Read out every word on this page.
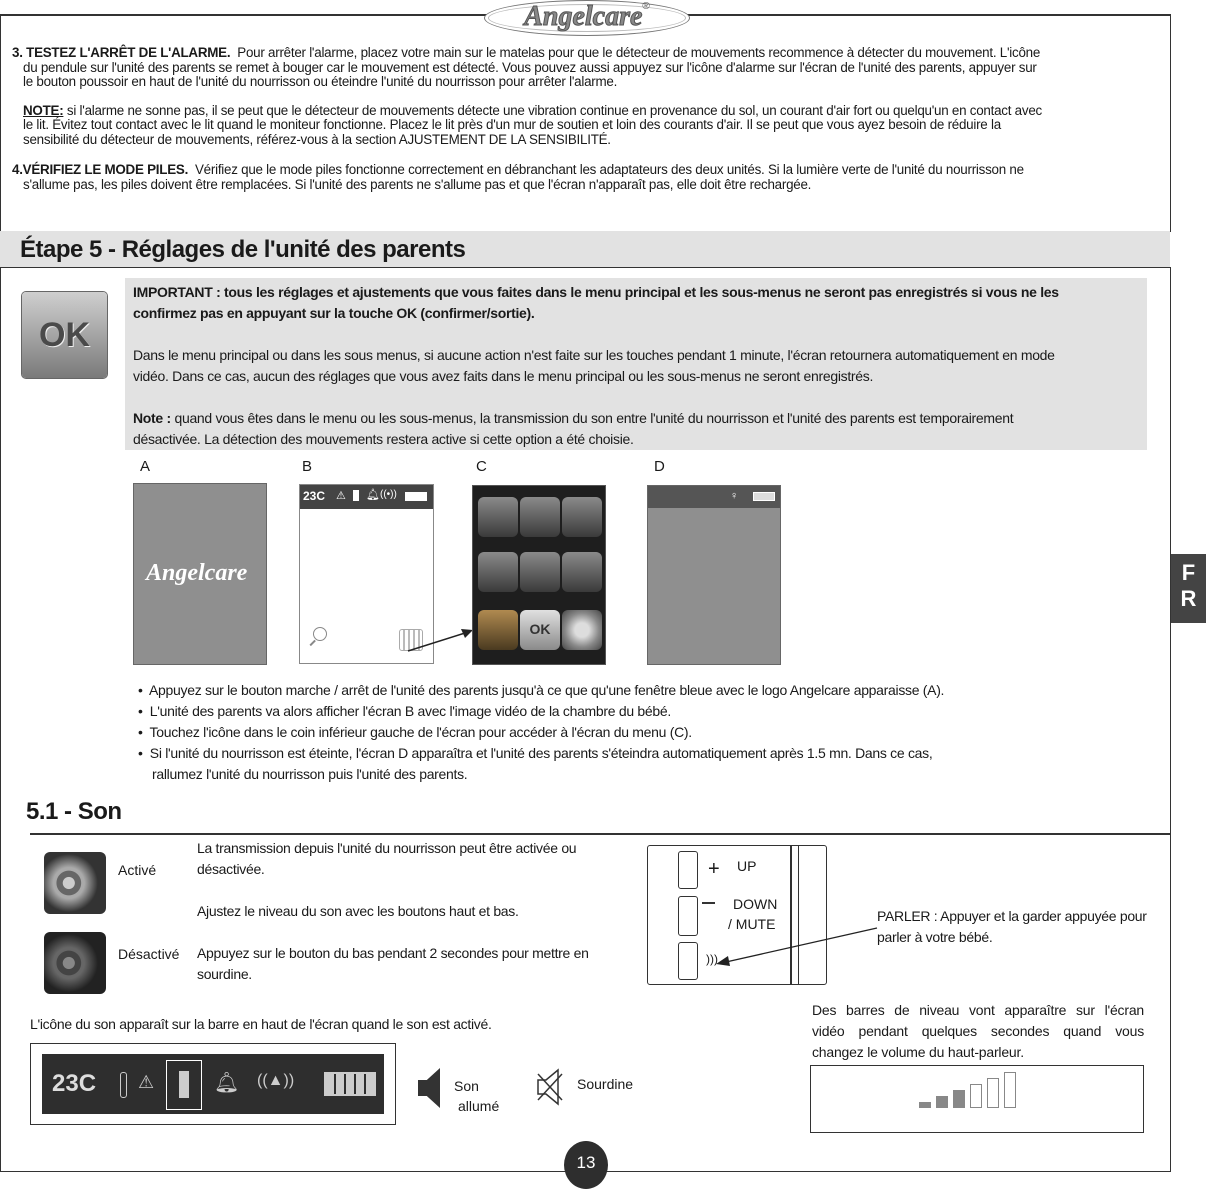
Angelcare®
3. TESTEZ L'ARRÊT DE L'ALARME. Pour arrêter l'alarme, placez votre main sur le matelas pour que le détecteur de mouvements recommence à détecter du mouvement. L'icône
du pendule sur l'unité des parents se remet à bouger car le mouvement est détecté. Vous pouvez aussi appuyez sur l'icône d'alarme sur l'écran de l'unité des parents, appuyer sur
le bouton poussoir en haut de l'unité du nourrisson ou éteindre l'unité du nourrisson pour arrêter l'alarme.
NOTE: si l'alarme ne sonne pas, il se peut que le détecteur de mouvements détecte une vibration continue en provenance du sol, un courant d'air fort ou quelqu'un en contact avec
le lit. Évitez tout contact avec le lit quand le moniteur fonctionne. Placez le lit près d'un mur de soutien et loin des courants d'air. Il se peut que vous ayez besoin de réduire la
sensibilité du détecteur de mouvements, référez-vous à la section AJUSTEMENT DE LA SENSIBILITÉ.
4.VÉRIFIEZ LE MODE PILES. Vérifiez que le mode piles fonctionne correctement en débranchant les adaptateurs des deux unités. Si la lumière verte de l'unité du nourrisson ne
s'allume pas, les piles doivent être remplacées. Si l'unité des parents ne s'allume pas et que l'écran n'apparaît pas, elle doit être rechargée.
Étape 5 - Réglages de l'unité des parents
OK
IMPORTANT : tous les réglages et ajustements que vous faites dans le menu principal et les sous-menus ne seront pas enregistrés si vous ne les
confirmez pas en appuyant sur la touche OK (confirmer/sortie).
Dans le menu principal ou dans les sous menus, si aucune action n'est faite sur les touches pendant 1 minute, l'écran retournera automatiquement en mode
vidéo. Dans ce cas, aucun des réglages que vous avez faits dans le menu principal ou les sous-menus ne seront enregistrés.
Note : quand vous êtes dans le menu ou les sous-menus, la transmission du son entre l'unité du nourrisson et l'unité des parents est temporairement
désactivée. La détection des mouvements restera active si cette option a été choisie.
A	B	C	D
Angelcare
23C ⚠ 🔔︎ ((•))
OK
♀
•  Appuyez sur le bouton marche / arrêt de l'unité des parents jusqu'à ce que qu'une fenêtre bleue avec le logo Angelcare apparaisse (A).
•  L'unité des parents va alors afficher l'écran B avec l'image vidéo de la chambre du bébé.
•  Touchez l'icône dans le coin inférieur gauche de l'écran pour accéder à l'écran du menu (C).
•  Si l'unité du nourrisson est éteinte, l'écran D apparaîtra et l'unité des parents s'éteindra automatiquement après 1.5 mn. Dans ce cas,
rallumez l'unité du nourrisson puis l'unité des parents.
5.1 - Son
Activé
Désactivé
La transmission depuis l'unité du nourrisson peut être activée ou
désactivée.
Ajustez le niveau du son avec les boutons haut et bas.
Appuyez sur le bouton du bas pendant 2 secondes pour mettre en
sourdine.
+
)))
UP
DOWN
/ MUTE	PARLER : Appuyer et la garder appuyée pour
parler à votre bébé.
L'icône du son apparaît sur la barre en haut de l'écran quand le son est activé.
Des barres de niveau vont apparaître sur l'écran
vidéo pendant quelques secondes quand vous
changez le volume du haut-parleur.
23C ⚠	🔔︎ ((▲))	Son
allumé
Sourdine
F
R
13
